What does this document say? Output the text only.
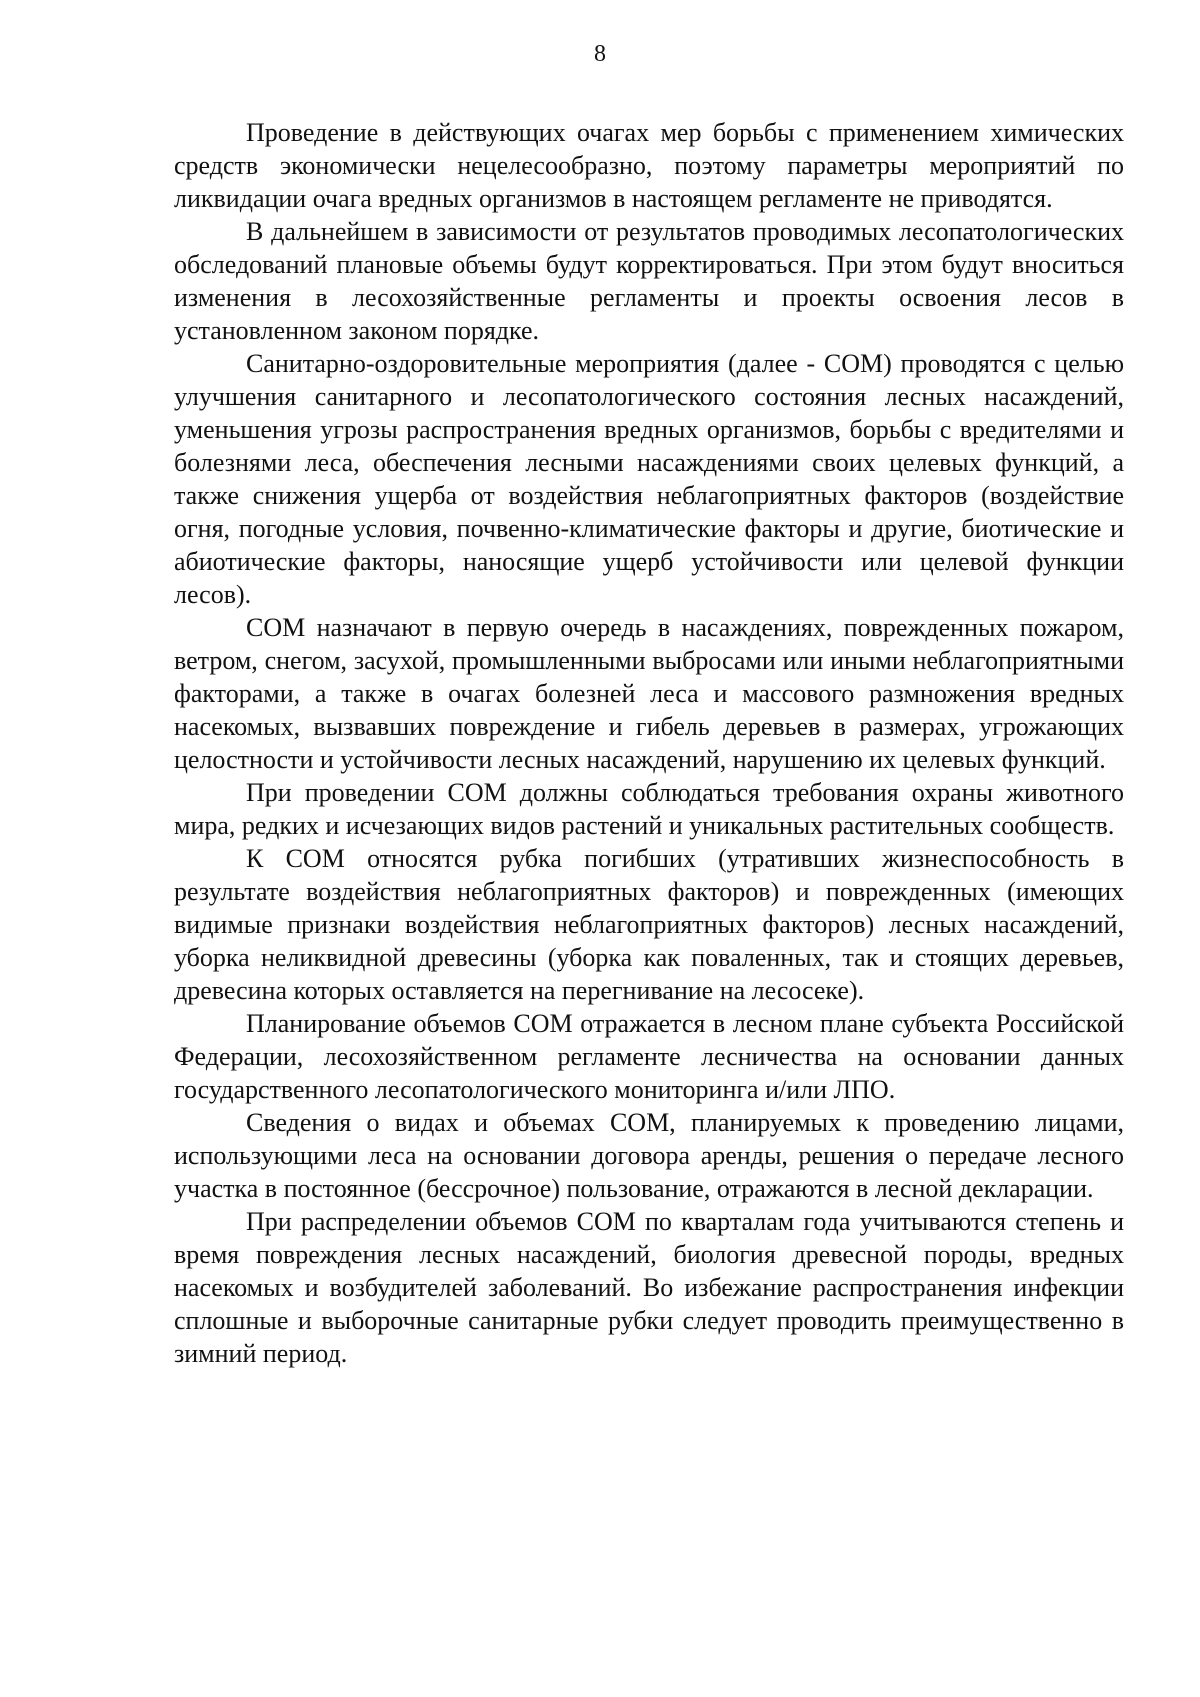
8

Проведение в действующих очагах мер борьбы с применением химических средств экономически нецелесообразно, поэтому параметры мероприятий по ликвидации очага вредных организмов в настоящем регламенте не приводятся.

В дальнейшем в зависимости от результатов проводимых лесопатологических обследований плановые объемы будут корректироваться. При этом будут вноситься изменения в лесохозяйственные регламенты и проекты освоения лесов в установленном законом порядке.

Санитарно-оздоровительные мероприятия (далее - СОМ) проводятся с целью улучшения санитарного и лесопатологического состояния лесных насаждений, уменьшения угрозы распространения вредных организмов, борьбы с вредителями и болезнями леса, обеспечения лесными насаждениями своих целевых функций, а также снижения ущерба от воздействия неблагоприятных факторов (воздействие огня, погодные условия, почвенно-климатические факторы и другие, биотические и абиотические факторы, наносящие ущерб устойчивости или целевой функции лесов).

СОМ назначают в первую очередь в насаждениях, поврежденных пожаром, ветром, снегом, засухой, промышленными выбросами или иными неблагоприятными факторами, а также в очагах болезней леса и массового размножения вредных насекомых, вызвавших повреждение и гибель деревьев в размерах, угрожающих целостности и устойчивости лесных насаждений, нарушению их целевых функций.

При проведении СОМ должны соблюдаться требования охраны животного мира, редких и исчезающих видов растений и уникальных растительных сообществ.

К СОМ относятся рубка погибших (утративших жизнеспособность в результате воздействия неблагоприятных факторов) и поврежденных (имеющих видимые признаки воздействия неблагоприятных факторов) лесных насаждений, уборка неликвидной древесины (уборка как поваленных, так и стоящих деревьев, древесина которых оставляется на перегнивание на лесосеке).

Планирование объемов СОМ отражается в лесном плане субъекта Российской Федерации, лесохозяйственном регламенте лесничества на основании данных государственного лесопатологического мониторинга и/или ЛПО.

Сведения о видах и объемах СОМ, планируемых к проведению лицами, использующими леса на основании договора аренды, решения о передаче лесного участка в постоянное (бессрочное) пользование, отражаются в лесной декларации.

При распределении объемов СОМ по кварталам года учитываются степень и время повреждения лесных насаждений, биология древесной породы, вредных насекомых и возбудителей заболеваний. Во избежание распространения инфекции сплошные и выборочные санитарные рубки следует проводить преимущественно в зимний период.
